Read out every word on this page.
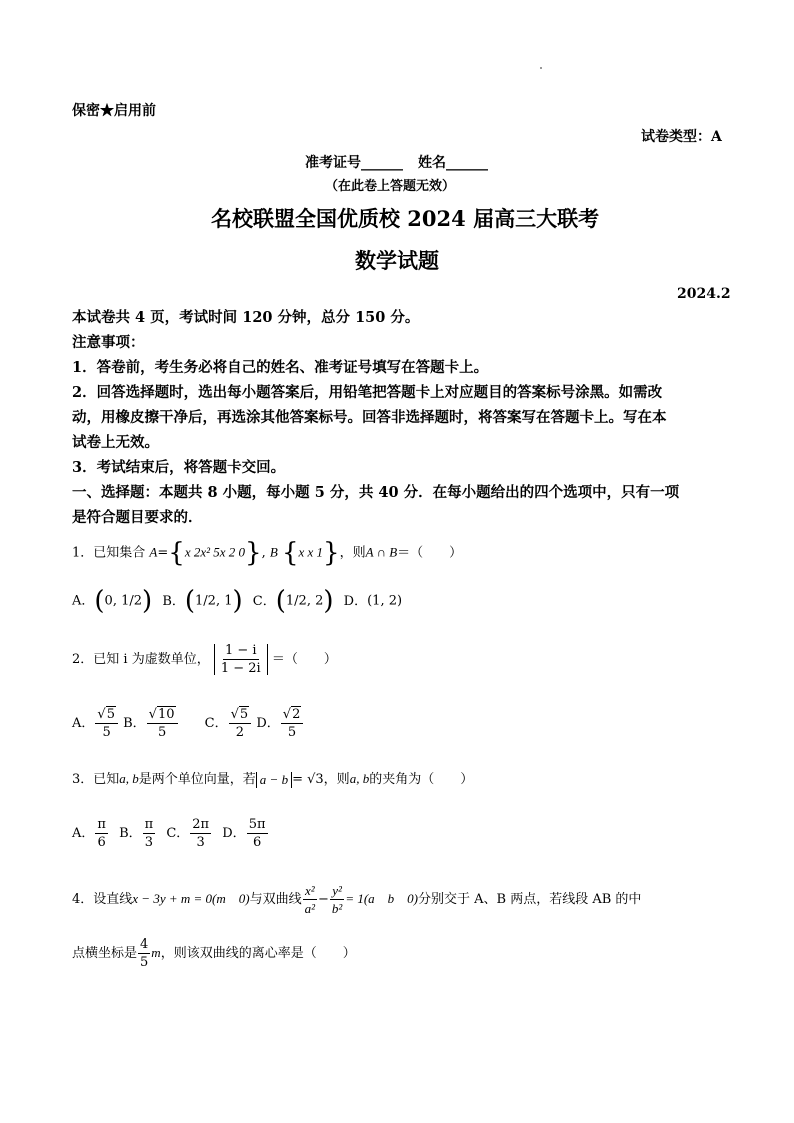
保密★启用前
试卷类型：A
准考证号______ 姓名______
（在此卷上答题无效）
名校联盟全国优质校 2024 届高三大联考
数学试题
2024.2
本试卷共 4 页，考试时间 120 分钟，总分 150 分。
注意事项：
1．答卷前，考生务必将自己的姓名、准考证号填写在答题卡上。
2．回答选择题时，选出每小题答案后，用铅笔把答题卡上对应题目的答案标号涂黑。如需改
动，用橡皮擦干净后，再选涂其他答案标号。回答非选择题时，将答案写在答题卡上。写在本
试卷上无效。
3．考试结束后，将答题卡交回。
一、选择题：本题共 8 小题，每小题 5 分，共 40 分．在每小题给出的四个选项中，只有一项
是符合题目要求的．
1．已知集合 A={x 2x² 5x 2 0}, B {x x 1}，则A ∩ B＝（　　）
A．(0, 1/2) B．(1/2, 1) C．(1/2, 2) D．(1, 2)
2．已知 i 为虚数单位， $\frac{1 - i}{1 - 2i}$ ＝（　　）
A． $\frac{√5}{5}$ B． $\frac{√10}{5}$ C． $\frac{√5}{2}$ D． $\frac{√2}{5}$
3．已知a, b是两个单位向量，若 a − b = √3，则a, b的夹角为（　　）
A． $\frac{\pi}{6}$ B． $\frac{\pi}{3}$ C． $\frac{2\pi}{3}$ D． $\frac{5\pi}{6}$
4．设直线x − 3y + m = 0(m　0)与双曲线 $\frac{\text{x²}}{\text{a²}} - \frac{\text{y²}}{\text{b²}} = 1(a$　b　0)分别交于 A、B 两点，若线段 AB 的中
点横坐标是 $\frac{4}{5}$ m，则该双曲线的离心率是（　　）
